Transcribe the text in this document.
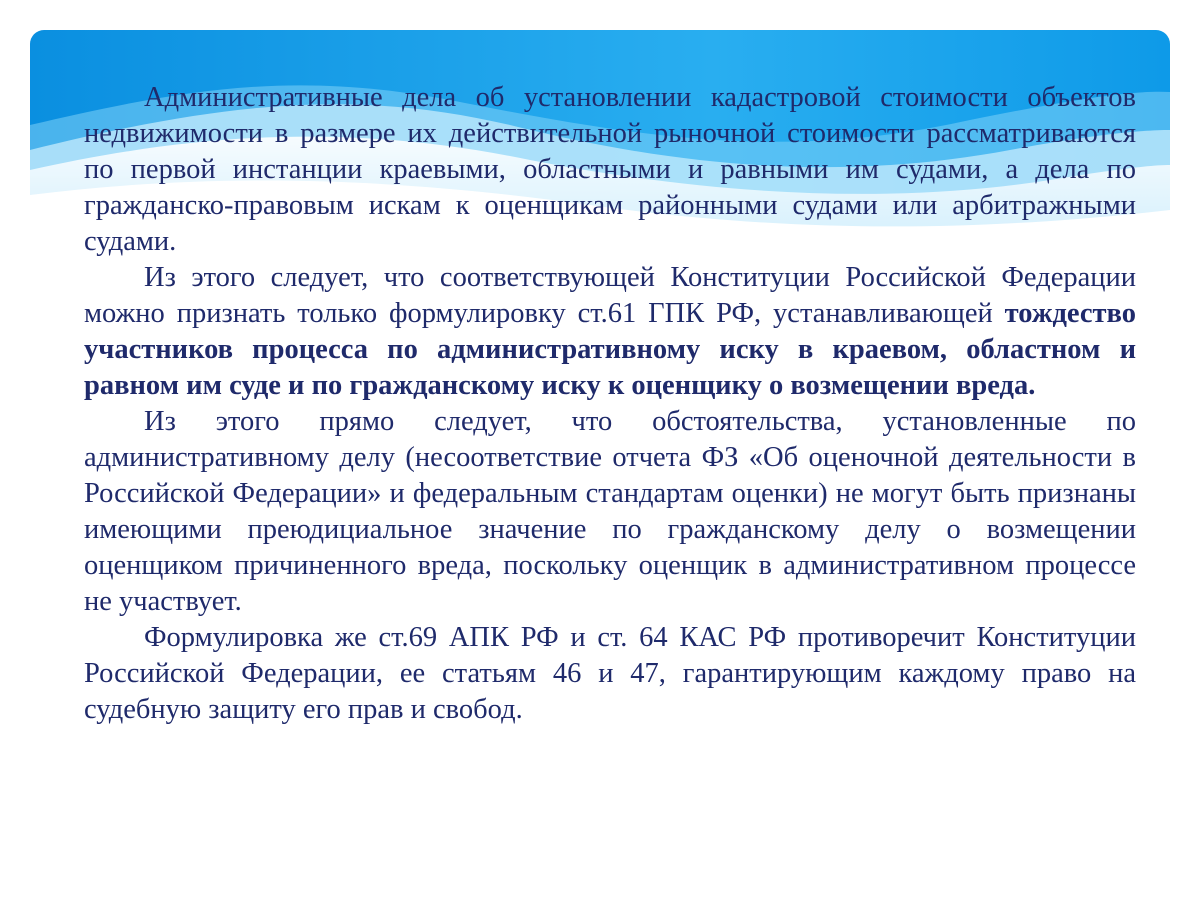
Административные дела об установлении кадастровой стоимости объектов недвижимости в размере их действительной рыночной стоимости рассматриваются по первой инстанции краевыми, областными и равными им судами, а дела по гражданско-правовым искам к оценщикам районными судами или арбитражными судами.

Из этого следует, что соответствующей Конституции Российской Федерации можно признать только формулировку ст.61 ГПК РФ, устанавливающей тождество участников процесса по административному иску в краевом, областном и равном им суде и по гражданскому иску к оценщику о возмещении вреда.

Из этого прямо следует, что обстоятельства, установленные по административному делу (несоответствие отчета ФЗ «Об оценочной деятельности в Российской Федерации» и федеральным стандартам оценки) не могут быть признаны имеющими преюдициальное значение по гражданскому делу о возмещении оценщиком причиненного вреда, поскольку оценщик в административном процессе не участвует.

Формулировка же ст.69 АПК РФ и ст. 64 КАС РФ противоречит Конституции Российской Федерации, ее статьям 46 и 47, гарантирующим каждому право на судебную защиту его прав и свобод.
